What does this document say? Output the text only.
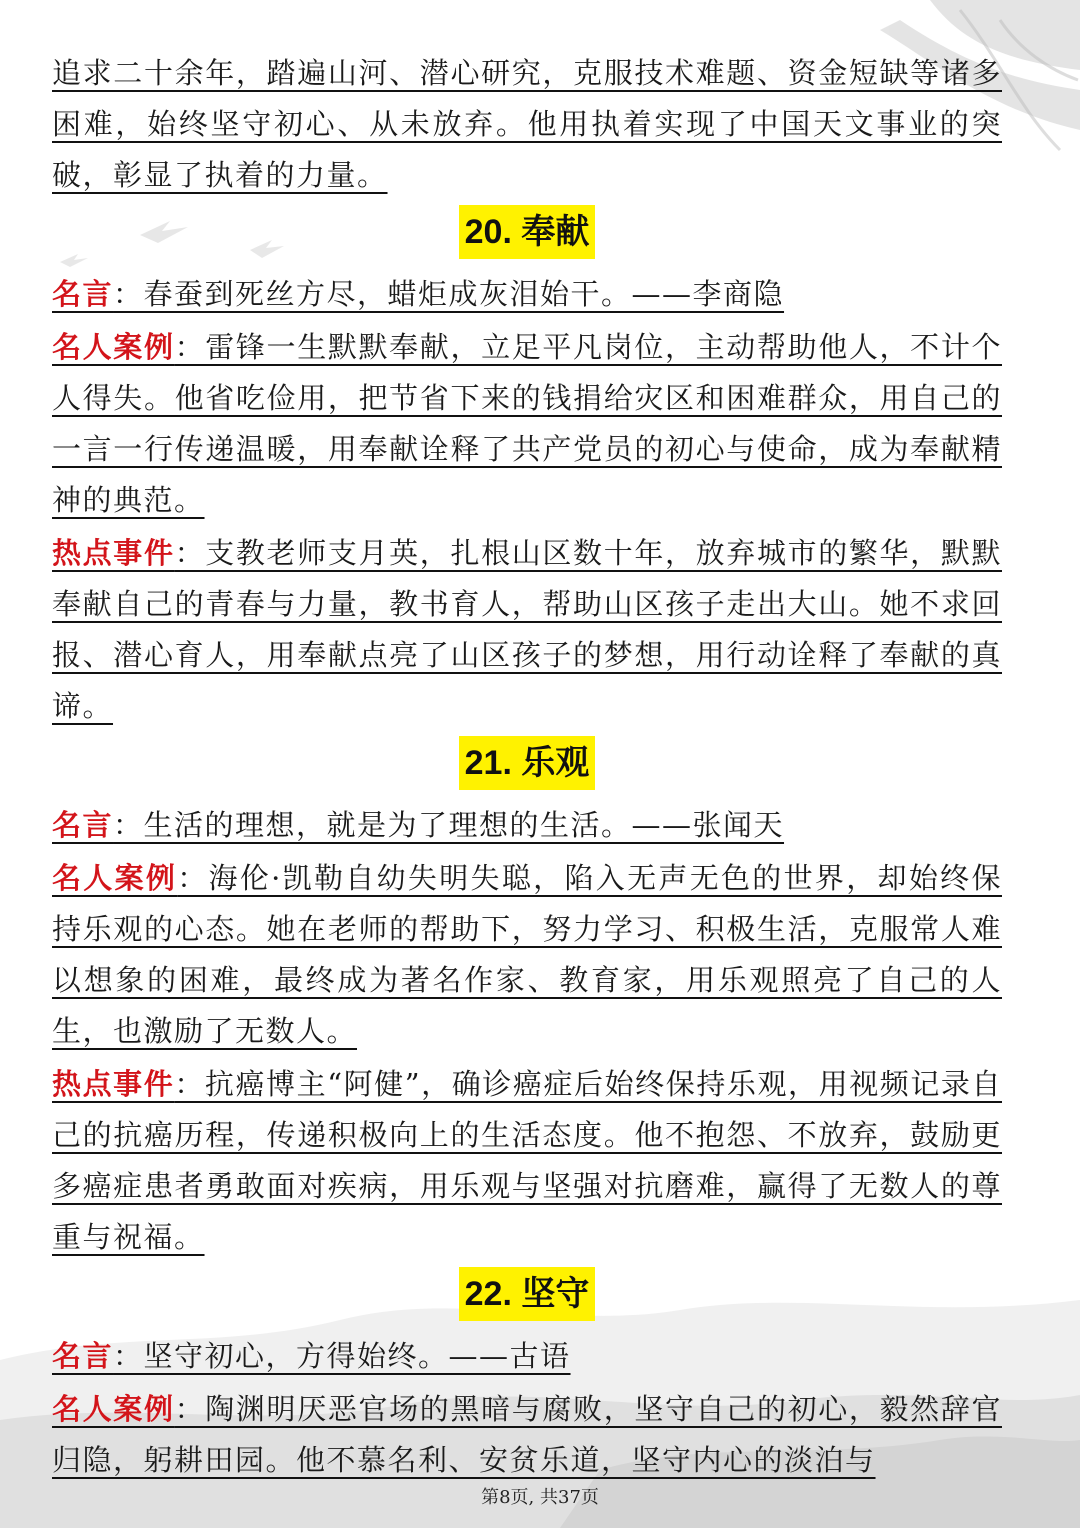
追求二十余年，踏遍山河、潜心研究，克服技术难题、资金短缺等诸多困难，始终坚守初心、从未放弃。他用执着实现了中国天文事业的突破，彰显了执着的力量。

20. 奉献

名言：春蚕到死丝方尽，蜡炬成灰泪始干。——李商隐

名人案例：雷锋一生默默奉献，立足平凡岗位，主动帮助他人，不计个人得失。他省吃俭用，把节省下来的钱捐给灾区和困难群众，用自己的一言一行传递温暖，用奉献诠释了共产党员的初心与使命，成为奉献精神的典范。

热点事件：支教老师支月英，扎根山区数十年，放弃城市的繁华，默默奉献自己的青春与力量，教书育人，帮助山区孩子走出大山。她不求回报、潜心育人，用奉献点亮了山区孩子的梦想，用行动诠释了奉献的真谛。

21. 乐观

名言：生活的理想，就是为了理想的生活。——张闻天

名人案例：海伦·凯勒自幼失明失聪，陷入无声无色的世界，却始终保持乐观的心态。她在老师的帮助下，努力学习、积极生活，克服常人难以想象的困难，最终成为著名作家、教育家，用乐观照亮了自己的人生，也激励了无数人。

热点事件：抗癌博主“阿健”，确诊癌症后始终保持乐观，用视频记录自己的抗癌历程，传递积极向上的生活态度。他不抱怨、不放弃，鼓励更多癌症患者勇敢面对疾病，用乐观与坚强对抗磨难，赢得了无数人的尊重与祝福。

22. 坚守

名言：坚守初心，方得始终。——古语

名人案例：陶渊明厌恶官场的黑暗与腐败，坚守自己的初心，毅然辞官归隐，躬耕田园。他不慕名利、安贫乐道，坚守内心的淡泊与

第8页, 共37页
